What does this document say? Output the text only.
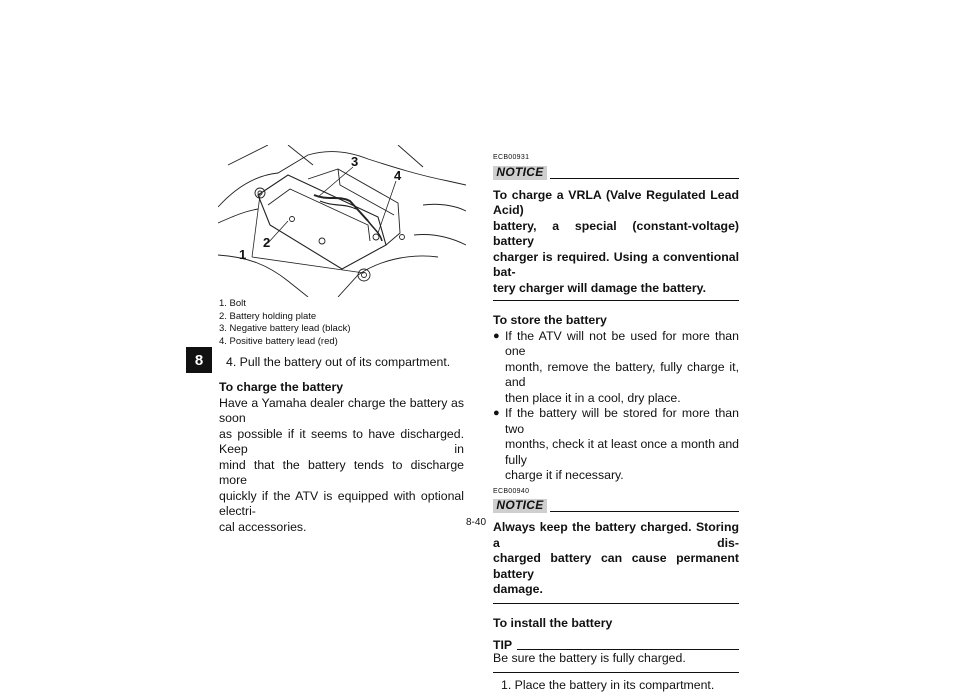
8
1
2
3
4
1. Bolt
2. Battery holding plate
3. Negative battery lead (black)
4. Positive battery lead (red)
4. Pull the battery out of its compartment.
To charge the battery
Have a Yamaha dealer charge the battery as soon
as possible if it seems to have discharged. Keep in
mind that the battery tends to discharge more
quickly if the ATV is equipped with optional electri-
cal accessories.
ECB00931
NOTICE
To charge a VRLA (Valve Regulated Lead Acid)
battery, a special (constant-voltage) battery
charger is required. Using a conventional bat-
tery charger will damage the battery.
To store the battery
● If the ATV will not be used for more than one
month, remove the battery, fully charge it, and
then place it in a cool, dry place.
● If the battery will be stored for more than two
months, check it at least once a month and fully
charge it if necessary.
ECB00940
NOTICE
Always keep the battery charged. Storing a dis-
charged battery can cause permanent battery
damage.
To install the battery
TIP
Be sure the battery is fully charged.
1. Place the battery in its compartment.
8-40
